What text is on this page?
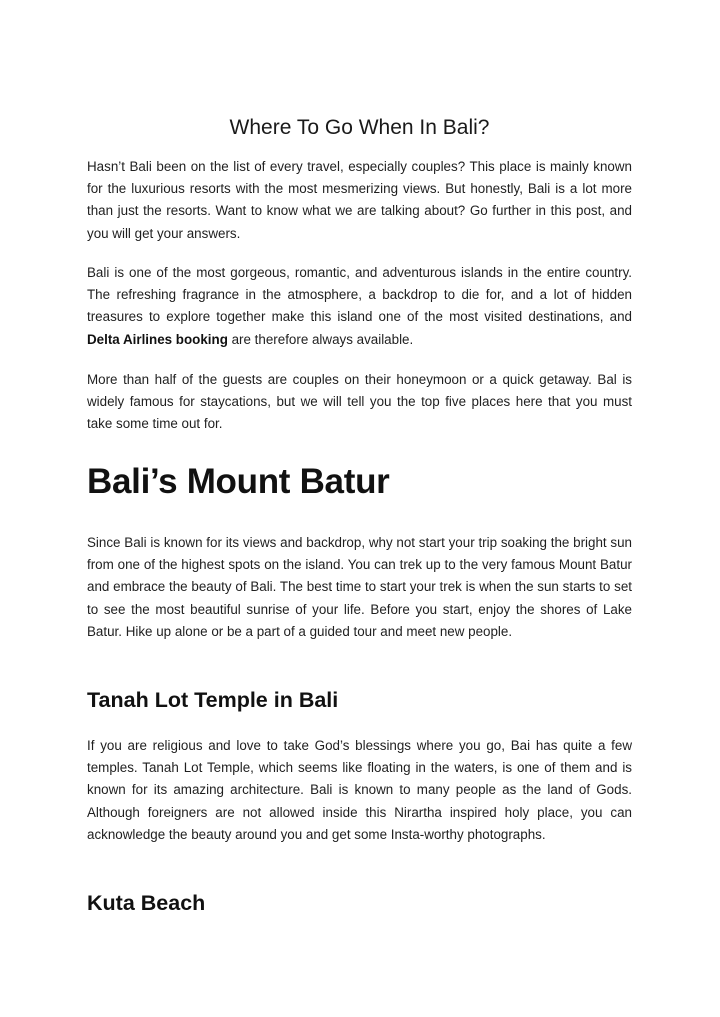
Where To Go When In Bali?

Hasn’t Bali been on the list of every travel, especially couples? This place is mainly known for the luxurious resorts with the most mesmerizing views. But honestly, Bali is a lot more than just the resorts. Want to know what we are talking about? Go further in this post, and you will get your answers.

Bali is one of the most gorgeous, romantic, and adventurous islands in the entire country. The refreshing fragrance in the atmosphere, a backdrop to die for, and a lot of hidden treasures to explore together make this island one of the most visited destinations, and Delta Airlines booking are therefore always available.

More than half of the guests are couples on their honeymoon or a quick getaway. Bal is widely famous for staycations, but we will tell you the top five places here that you must take some time out for.

Bali’s Mount Batur

Since Bali is known for its views and backdrop, why not start your trip soaking the bright sun from one of the highest spots on the island. You can trek up to the very famous Mount Batur and embrace the beauty of Bali. The best time to start your trek is when the sun starts to set to see the most beautiful sunrise of your life. Before you start, enjoy the shores of Lake Batur. Hike up alone or be a part of a guided tour and meet new people.

Tanah Lot Temple in Bali

If you are religious and love to take God’s blessings where you go, Bai has quite a few temples. Tanah Lot Temple, which seems like floating in the waters, is one of them and is known for its amazing architecture. Bali is known to many people as the land of Gods. Although foreigners are not allowed inside this Nirartha inspired holy place, you can acknowledge the beauty around you and get some Insta-worthy photographs.

Kuta Beach
